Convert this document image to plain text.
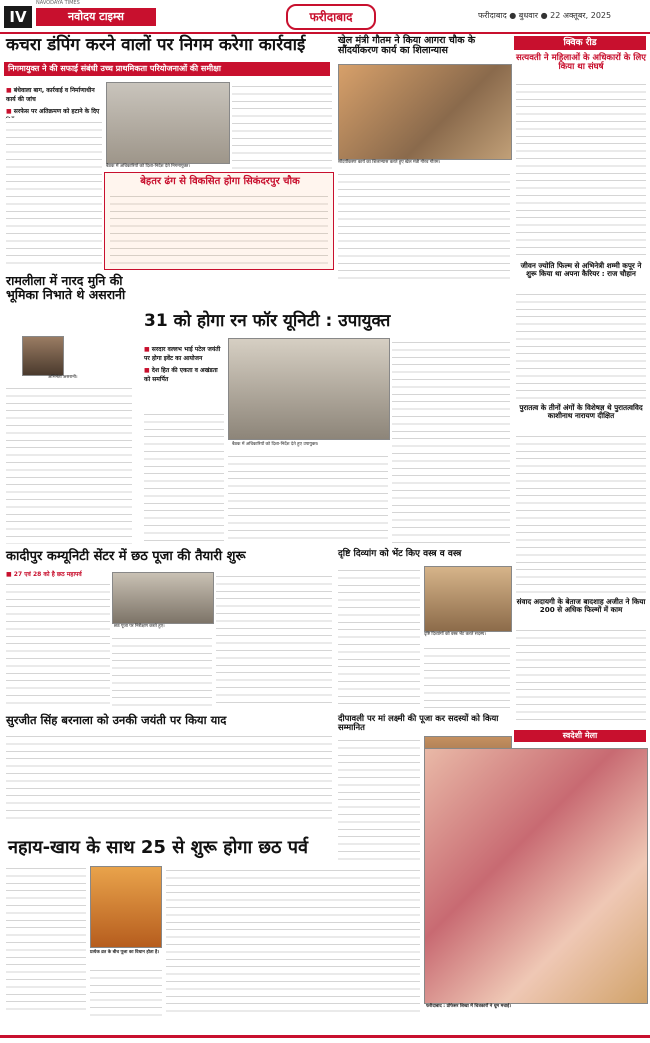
IV	नवोदय टाइम्स
NAVODAYA TIMES
फरीदाबाद	फरीदाबाद ● बुधवार ● 22 अक्तूबर, 2025
कचरा डंपिंग करने वालों पर निगम करेगा कार्रवाई
निगमायुक्त ने की सफाई संबंधी उच्च प्राथमिकता परियोजनाओं की समीक्षा
■ बंधेवाला बाग, कार्रवाई व निर्माणाधीन कार्य की जांच
■ सरफेस पर अतिक्रमण को हटाने के दिए
बैठक में अधिकारियों को दिशा-निर्देश देते निगमायुक्त।
बेहतर ढंग से विकसित होगा सिकंदरपुर चौक
खेल मंत्री गौतम ने किया आगरा चौक के सौंदर्यीकरण कार्य का शिलान्यास
सौंदर्यीकरण कार्य का शिलान्यास करते हुए खेल मंत्री गौरव गौतम।
क्विक रीड
सत्यवती ने महिलाओं के अधिकारों के लिए किया था संघर्ष
जीवन ज्योति फिल्म से अभिनेत्री शम्मी कपूर ने शुरू किया था अपना कैरियर : राज चौहान
पुरातत्व के तीनों अंगों के विशेषज्ञ थे पुरातत्वविद काशीनाथ नारायण दीक्षित
संवाद अदायगी के बेताज बादशाह अजीत ने किया 200 से अधिक फिल्मों में काम
रामलीला में नारद मुनि की भूमिका निभाते थे असरानी
अभिनेता असरानी।
31 को होगा रन फॉर यूनिटी : उपायुक्त
■ सरदार वल्लभ भाई पटेल जयंती पर होगा इवेंट का आयोजन
■ देश हित की एकता व अखंडता को समर्पित
बैठक में अधिकारियों को दिशा-निर्देश देते हुए उपायुक्त।
कादीपुर कम्यूनिटी सेंटर में छठ पूजा की तैयारी शुरू
■ 27 एवं 28 को है छठ महापर्व
छठ पूजा पर निरीक्षण करते हुए।
दृष्टि दिव्यांग को भेंट किए वस्त्र व वस्त्र
दृष्टि दिव्यांगों को वस्त्र भेंट करते सदस्य।
सुरजीत सिंह बरनाला को उनकी जयंती पर किया याद	दीपावली पर मां लक्ष्मी की पूजा कर सदस्यों को किया सम्मानित
नहाय-खाय के साथ 25 से शुरू होगा छठ पर्व
प्रत्येक व्रत के बीच पूजा का विधान होता है।
स्वदेशी मेला
फरीदाबाद : प्रोफेसर शिखा में चित्रकारों ने धूम मचाई।
